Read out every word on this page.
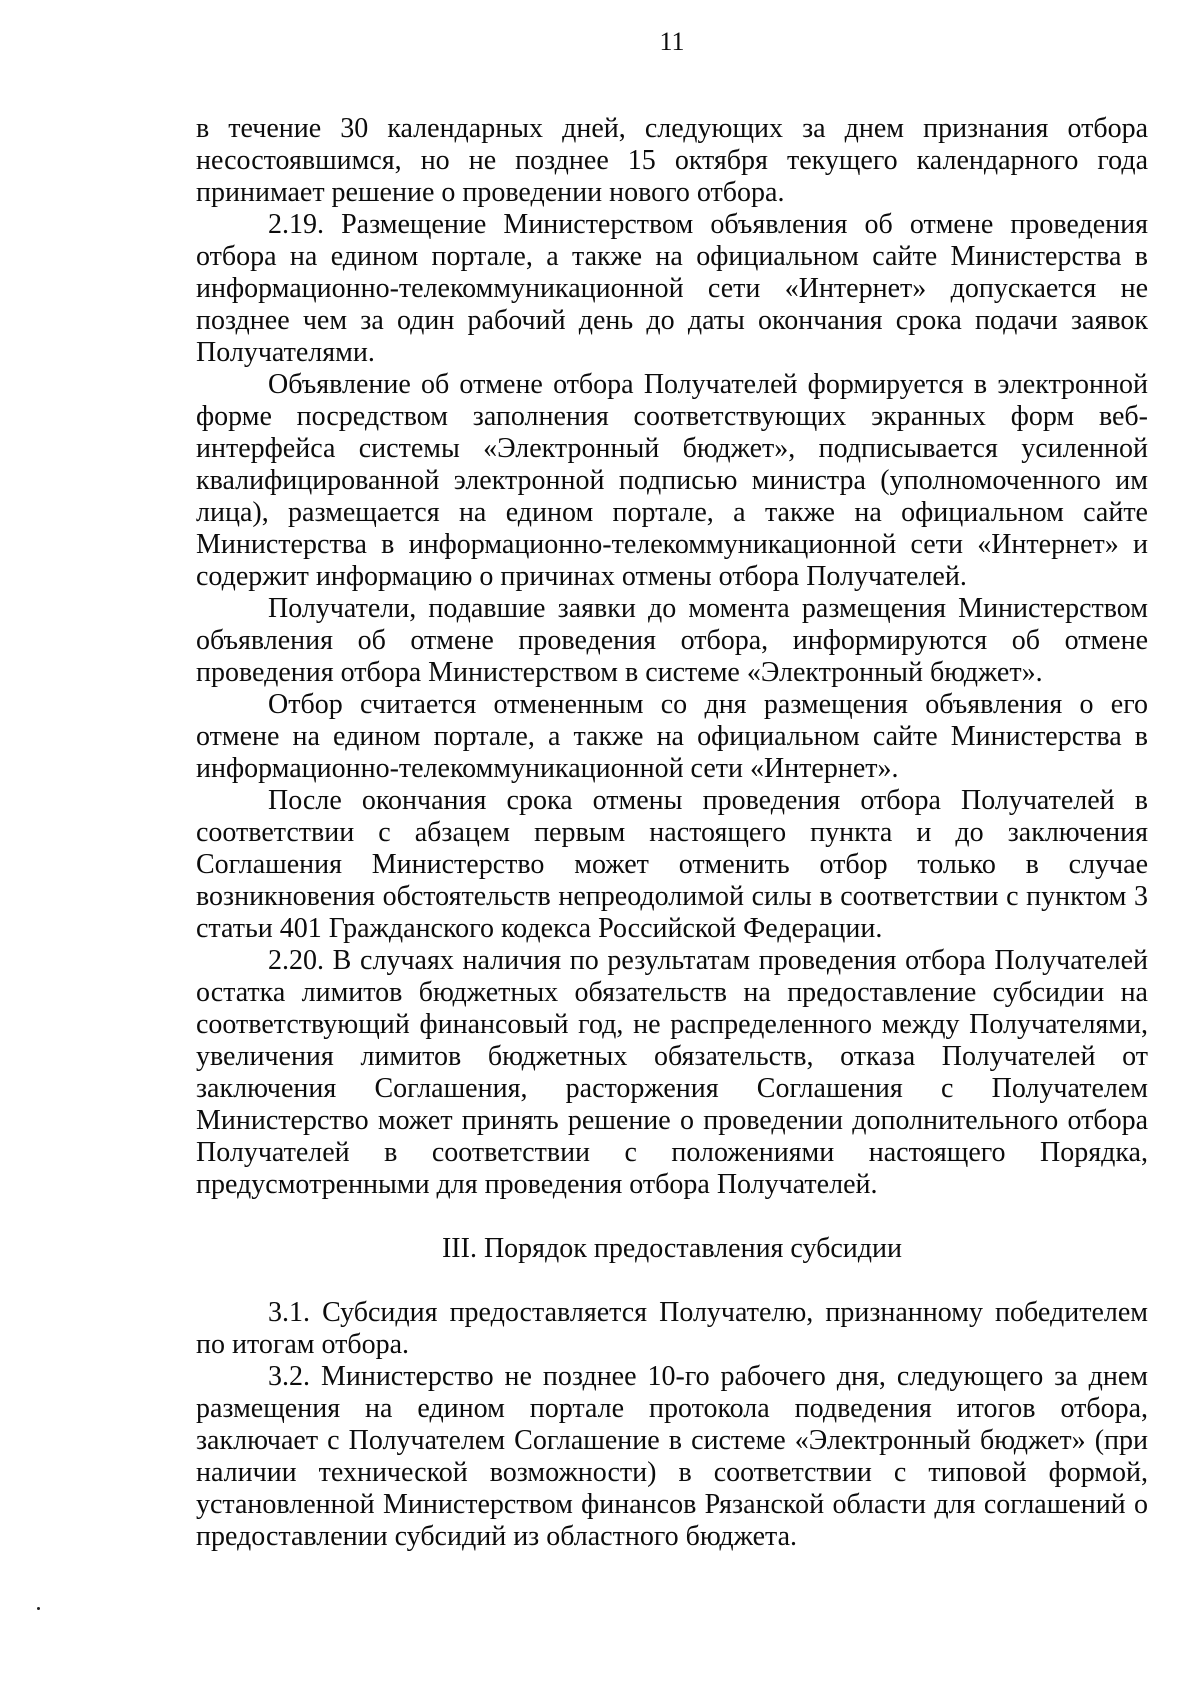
11

в течение 30 календарных дней, следующих за днем признания отбора несостоявшимся, но не позднее 15 октября текущего календарного года принимает решение о проведении нового отбора.

2.19. Размещение Министерством объявления об отмене проведения отбора на едином портале, а также на официальном сайте Министерства в информационно-телекоммуникационной сети «Интернет» допускается не позднее чем за один рабочий день до даты окончания срока подачи заявок Получателями.

Объявление об отмене отбора Получателей формируется в электронной форме посредством заполнения соответствующих экранных форм веб-интерфейса системы «Электронный бюджет», подписывается усиленной квалифицированной электронной подписью министра (уполномоченного им лица), размещается на едином портале, а также на официальном сайте Министерства в информационно-телекоммуникационной сети «Интернет» и содержит информацию о причинах отмены отбора Получателей.

Получатели, подавшие заявки до момента размещения Министерством объявления об отмене проведения отбора, информируются об отмене проведения отбора Министерством в системе «Электронный бюджет».

Отбор считается отмененным со дня размещения объявления о его отмене на едином портале, а также на официальном сайте Министерства в информационно-телекоммуникационной сети «Интернет».

После окончания срока отмены проведения отбора Получателей в соответствии с абзацем первым настоящего пункта и до заключения Соглашения Министерство может отменить отбор только в случае возникновения обстоятельств непреодолимой силы в соответствии с пунктом 3 статьи 401 Гражданского кодекса Российской Федерации.

2.20. В случаях наличия по результатам проведения отбора Получателей остатка лимитов бюджетных обязательств на предоставление субсидии на соответствующий финансовый год, не распределенного между Получателями, увеличения лимитов бюджетных обязательств, отказа Получателей от заключения Соглашения, расторжения Соглашения с Получателем Министерство может принять решение о проведении дополнительного отбора Получателей в соответствии с положениями настоящего Порядка, предусмотренными для проведения отбора Получателей.

III. Порядок предоставления субсидии

3.1. Субсидия предоставляется Получателю, признанному победителем по итогам отбора.

3.2. Министерство не позднее 10-го рабочего дня, следующего за днем размещения на едином портале протокола подведения итогов отбора, заключает с Получателем Соглашение в системе «Электронный бюджет» (при наличии технической возможности) в соответствии с типовой формой, установленной Министерством финансов Рязанской области для соглашений о предоставлении субсидий из областного бюджета.
